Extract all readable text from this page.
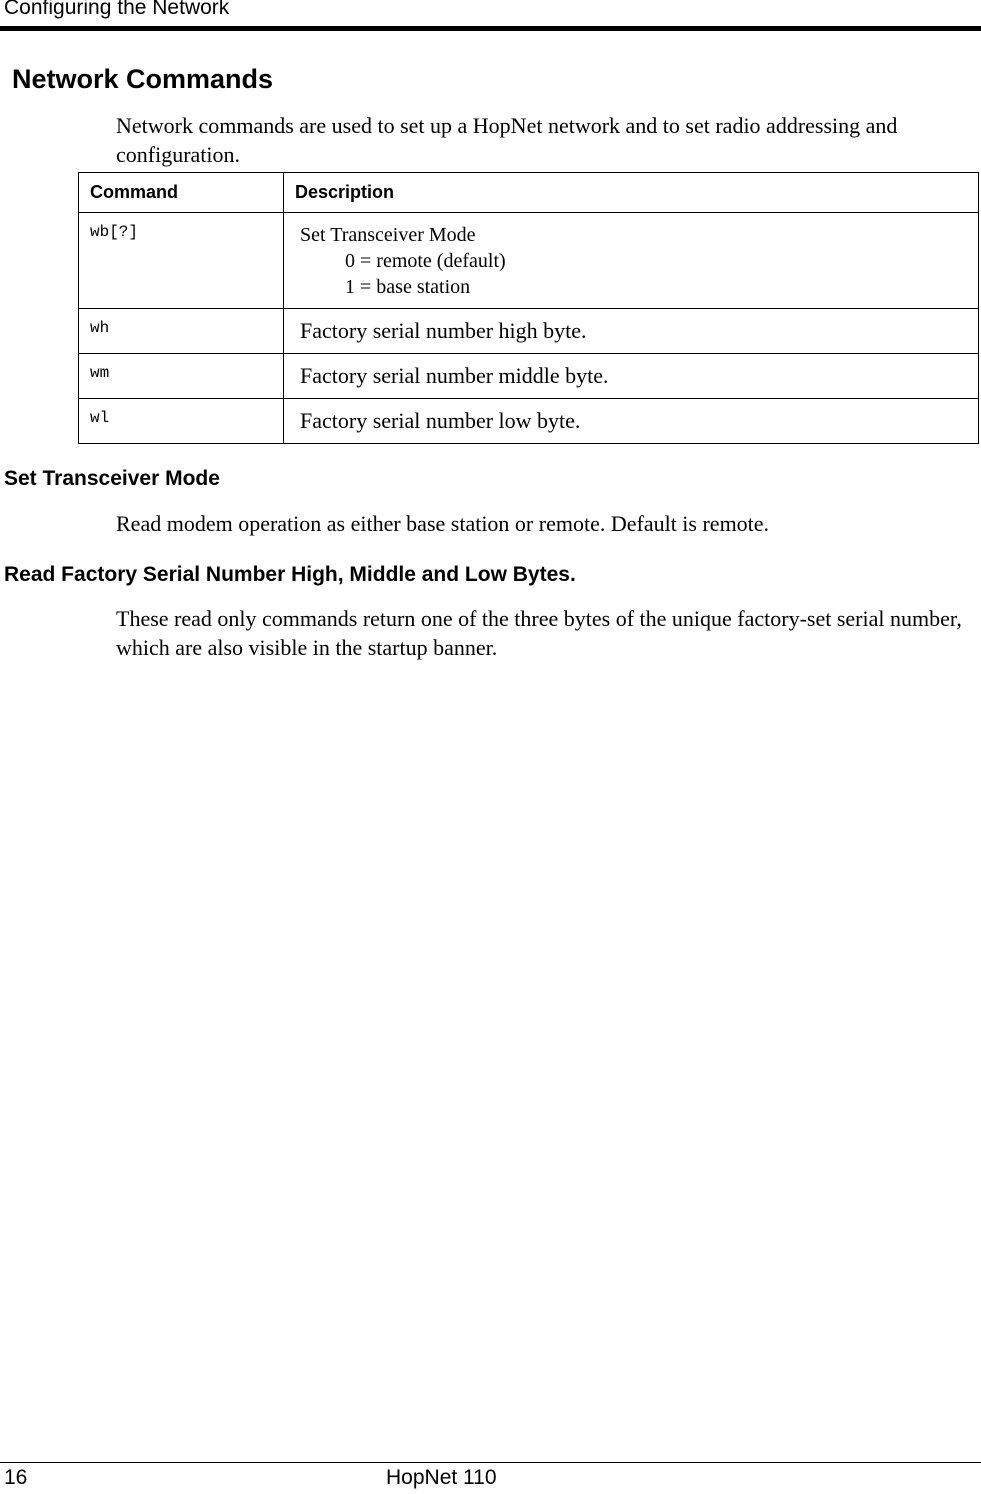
Configuring the Network
Network Commands

Network commands are used to set up a HopNet network and to set radio addressing and configuration.

Command	Description

wb[?]	Set Transceiver Mode
0 = remote (default)
1 = base station

wh	Factory serial number high byte.

wm	Factory serial number middle byte.

wl	Factory serial number low byte.
Set Transceiver Mode

Read modem operation as either base station or remote. Default is remote.

Read Factory Serial Number High, Middle and Low Bytes.

These read only commands return one of the three bytes of the unique factory-set serial number, which are also visible in the startup banner.

16	HopNet 110
